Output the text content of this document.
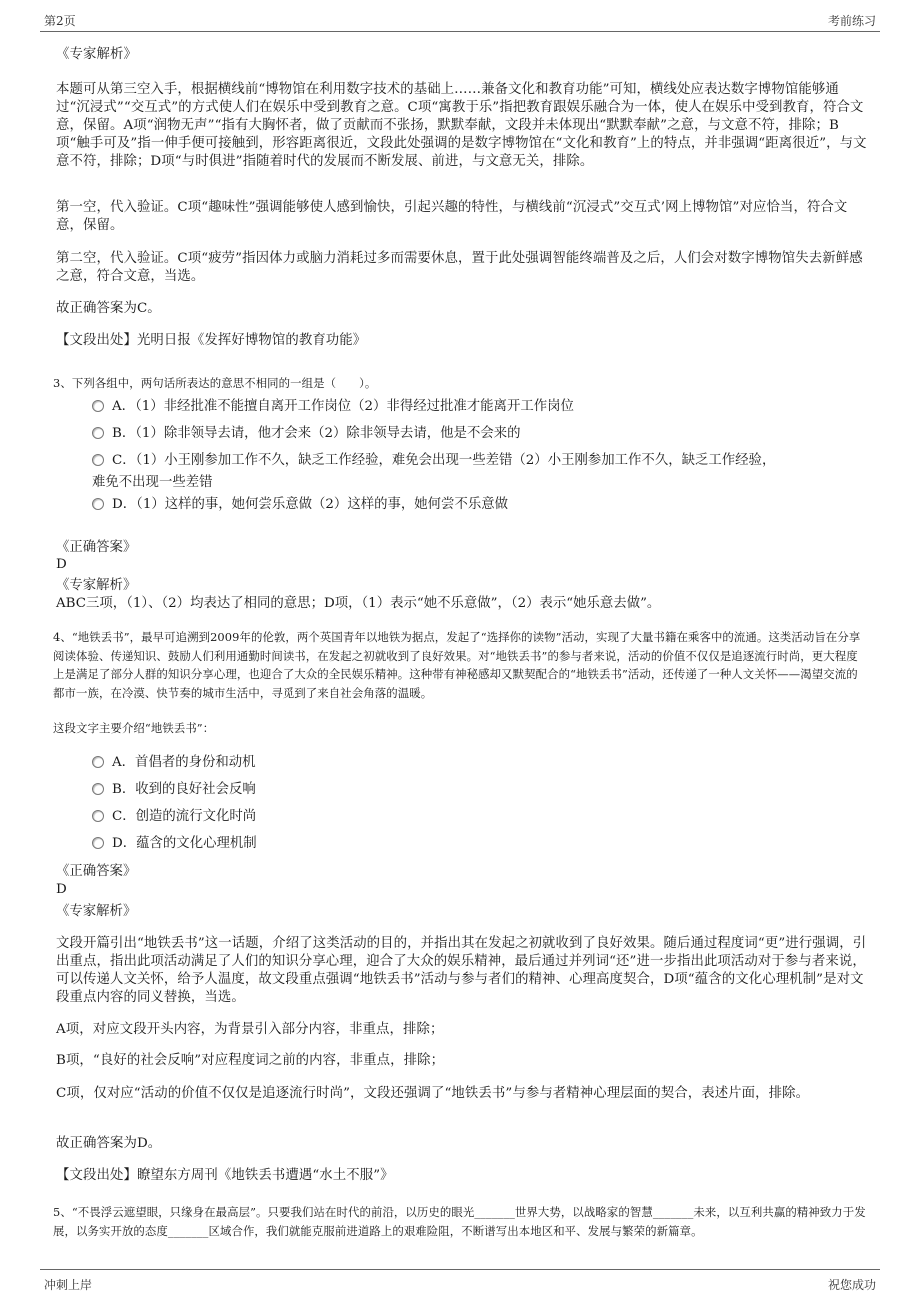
第2页	考前练习
《专家解析》
本题可从第三空入手，根据横线前“博物馆在利用数字技术的基础上……兼备文化和教育功能”可知，横线处应表达数字博物馆能够通过“沉浸式”“交互式”的方式使人们在娱乐中受到教育之意。C项“寓教于乐”指把教育跟娱乐融合为一体，使人在娱乐中受到教育，符合文意，保留。A项“润物无声”“指有大胸怀者，做了贡献而不张扬，默默奉献，文段并未体现出“默默奉献”之意，与文意不符，排除；B项“触手可及”指一伸手便可接触到，形容距离很近，文段此处强调的是数字博物馆在“文化和教育”上的特点，并非强调“距离很近”，与文意不符，排除；D项“与时俱进”指随着时代的发展而不断发展、前进，与文意无关，排除。
第一空，代入验证。C项“趣味性”强调能够使人感到愉快，引起兴趣的特性，与横线前“沉浸式”交互式’网上博物馆”对应恰当，符合文意，保留。
第二空，代入验证。C项“疲劳”指因体力或脑力消耗过多而需要休息，置于此处强调智能终端普及之后，人们会对数字博物馆失去新鲜感之意，符合文意，当选。
故正确答案为C。
【文段出处】光明日报《发挥好博物馆的教育功能》
3、下列各组中，两句话所表达的意思不相同的一组是（　　）。
A．（1）非经批准不能擅自离开工作岗位（2）非得经过批准才能离开工作岗位
B．（1）除非领导去请，他才会来（2）除非领导去请，他是不会来的
C．（1）小王刚参加工作不久，缺乏工作经验，难免会出现一些差错（2）小王刚参加工作不久，缺乏工作经验，
难免不出现一些差错
D．（1）这样的事，她何尝乐意做（2）这样的事，她何尝不乐意做
《正确答案》
D
《专家解析》
ABC三项，（1）、（2）均表达了相同的意思；D项，（1）表示“她不乐意做”，（2）表示“她乐意去做”。
4、“地铁丢书”，最早可追溯到2009年的伦敦，两个英国青年以地铁为据点，发起了“选择你的读物”活动，实现了大量书籍在乘客中的流通。这类活动旨在分享阅读体验、传递知识、鼓励人们利用通勤时间读书，在发起之初就收到了良好效果。对“地铁丢书”的参与者来说，活动的价值不仅仅是追逐流行时尚，更大程度上是满足了部分人群的知识分享心理，也迎合了大众的全民娱乐精神。这种带有神秘感却又默契配合的“地铁丢书”活动，还传递了一种人文关怀——渴望交流的都市一族，在冷漠、快节奏的城市生活中，寻觅到了来自社会角落的温暖。
这段文字主要介绍“地铁丢书”：
A．首倡者的身份和动机
B．收到的良好社会反响
C．创造的流行文化时尚
D．蕴含的文化心理机制
《正确答案》
D
《专家解析》
文段开篇引出“地铁丢书”这一话题，介绍了这类活动的目的，并指出其在发起之初就收到了良好效果。随后通过程度词“更”进行强调，引出重点，指出此项活动满足了人们的知识分享心理，迎合了大众的娱乐精神，最后通过并列词“还”进一步指出此项活动对于参与者来说，可以传递人文关怀，给予人温度，故文段重点强调“地铁丢书”活动与参与者们的精神、心理高度契合，D项“蕴含的文化心理机制”是对文段重点内容的同义替换，当选。
A项，对应文段开头内容，为背景引入部分内容，非重点，排除；
B项，“良好的社会反响”对应程度词之前的内容，非重点，排除；
C项，仅对应“活动的价值不仅仅是追逐流行时尚”，文段还强调了“地铁丢书”与参与者精神心理层面的契合，表述片面，排除。
故正确答案为D。
【文段出处】瞭望东方周刊《地铁丢书遭遇“水土不服”》
5、“不畏浮云遮望眼，只缘身在最高层”。只要我们站在时代的前沿，以历史的眼光_______世界大势，以战略家的智慧_______未来，以互利共赢的精神致力于发展，以务实开放的态度_______区域合作，我们就能克服前进道路上的艰难险阻，不断谱写出本地区和平、发展与繁荣的新篇章。
冲刺上岸	祝您成功
